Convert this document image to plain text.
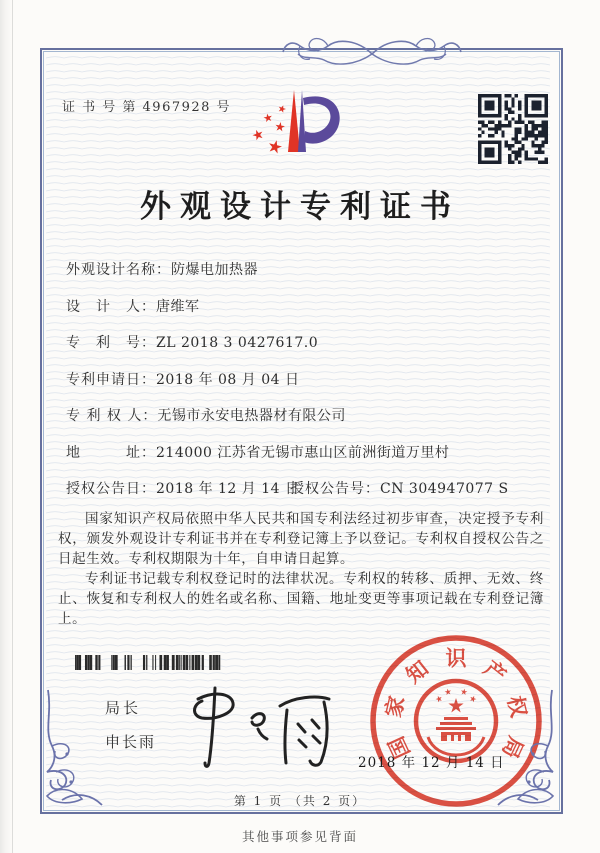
证 书 号 第 4967928 号
外观设计专利证书
外观设计名称： 防爆电加热器
设　计　人： 唐维军
专　利　号： ZL 2018 3 0427617.0
专利申请日： 2018 年 08 月 04 日
专 利 权 人： 无锡市永安电热器材有限公司
地　　　址： 214000 江苏省无锡市惠山区前洲街道万里村
授权公告日： 2018 年 12 月 14 日
授权公告号： CN 304947077 S

国家知识产权局依照中华人民共和国专利法经过初步审查，决定授予专利权，颁发外观设计专利证书并在专利登记簿上予以登记。专利权自授权公告之日起生效。专利权期限为十年，自申请日起算。

专利证书记载专利权登记时的法律状况。专利权的转移、质押、无效、终止、恢复和专利权人的姓名或名称、国籍、地址变更等事项记载在专利登记簿上。

局长
申长雨	国
家
知 识 产
权
局
2018 年 12 月 14 日
第 1 页 （共 2 页）
其他事项参见背面
